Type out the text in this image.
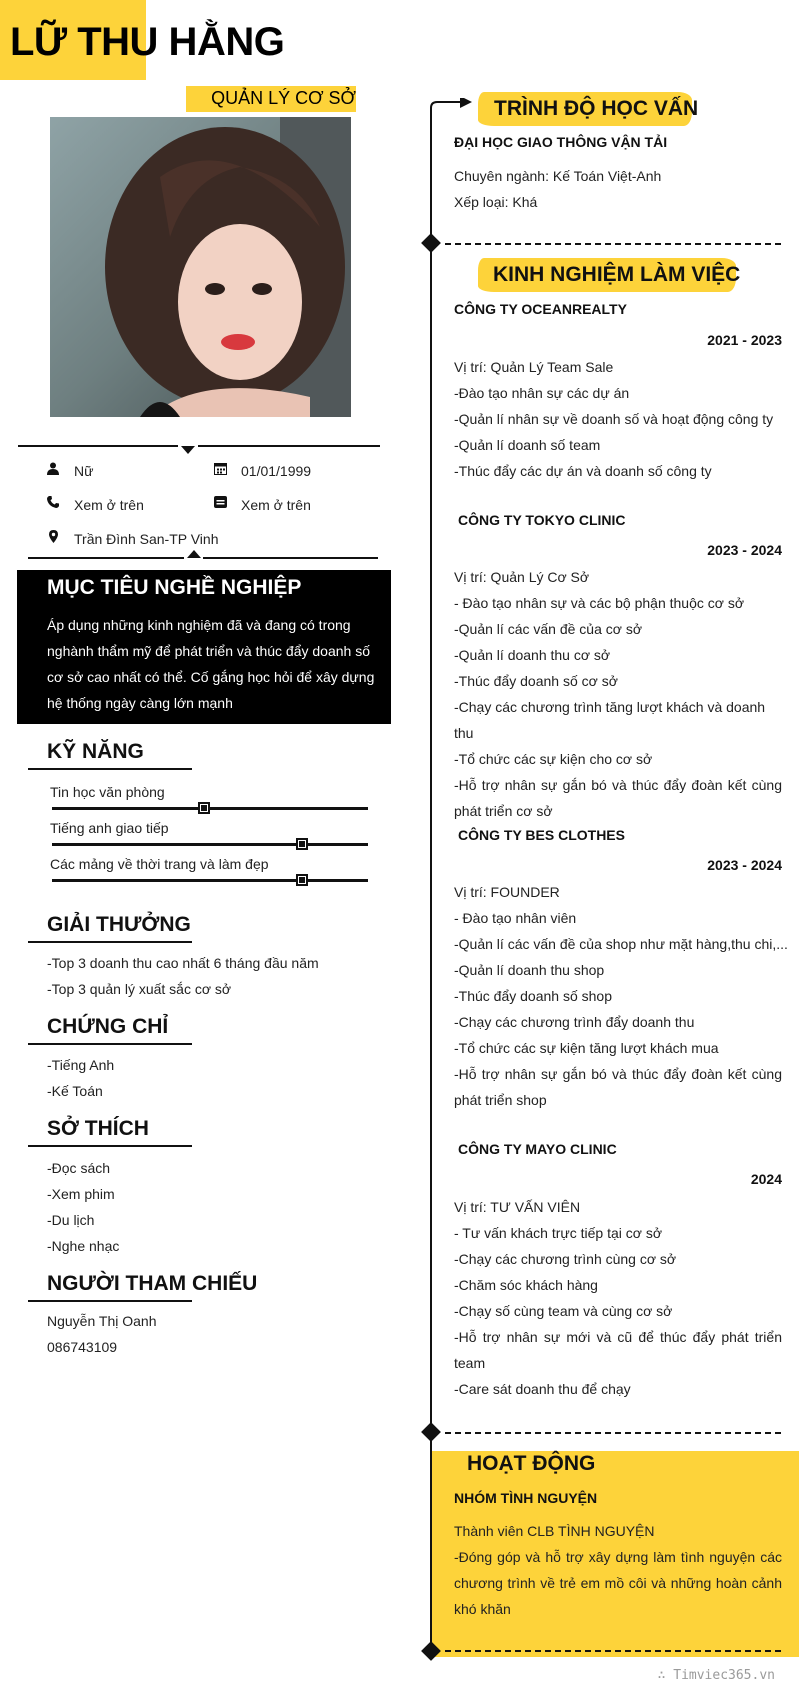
LỮ THU HẰNG
QUẢN LÝ CƠ SỞ
Nữ	01/01/1999
Xem ở trên	Xem ở trên
Trần Đình San-TP Vinh
MỤC TIÊU NGHỀ NGHIỆP
Áp dụng những kinh nghiệm đã và đang có trong nghành thẩm mỹ để phát triển và thúc đẩy doanh số cơ sở cao nhất có thể. Cố gắng học hỏi để xây dựng hệ thống ngày càng lớn mạnh
KỸ NĂNG
Tin học văn phòng
Tiếng anh giao tiếp
Các mảng về thời trang và làm đẹp
GIẢI THƯỞNG
-Top 3 doanh thu cao nhất 6 tháng đầu năm
-Top 3 quản lý xuất sắc cơ sở
CHỨNG CHỈ
-Tiếng Anh
-Kế Toán
SỞ THÍCH
-Đọc sách
-Xem phim
-Du lịch
-Nghe nhạc
NGƯỜI THAM CHIẾU
Nguyễn Thị Oanh
086743109
TRÌNH ĐỘ HỌC VẤN
ĐẠI HỌC GIAO THÔNG VẬN TẢI
Chuyên ngành: Kế Toán Việt-Anh
Xếp loại: Khá
KINH NGHIỆM LÀM VIỆC
CÔNG TY OCEANREALTY
2021 - 2023
Vị trí: Quản Lý Team Sale
-Đào tạo nhân sự các dự án
-Quản lí nhân sự về doanh số và hoạt động công ty
-Quản lí doanh số team
-Thúc đẩy các dự án và doanh số công ty
CÔNG TY TOKYO CLINIC
2023 - 2024
Vị trí: Quản Lý Cơ Sở
- Đào tạo nhân sự và các bộ phận thuộc cơ sở
-Quản lí các vấn đề của cơ sở
-Quản lí doanh thu cơ sở
-Thúc đẩy doanh số cơ sở
-Chạy các chương trình tăng lượt khách và doanh thu
-Tổ chức các sự kiện cho cơ sở
-Hỗ trợ nhân sự gắn bó và thúc đẩy đoàn kết cùng phát triển cơ sở
CÔNG TY BES CLOTHES
2023 - 2024
Vị trí: FOUNDER
- Đào tạo nhân viên
-Quản lí các vấn đề của shop như mặt hàng,thu chi,...
-Quản lí doanh thu shop
-Thúc đẩy doanh số shop
-Chạy các chương trình đẩy doanh thu
-Tổ chức các sự kiện tăng lượt khách mua
-Hỗ trợ nhân sự gắn bó và thúc đẩy đoàn kết cùng phát triển shop
CÔNG TY MAYO CLINIC
2024
Vị trí: TƯ VẤN VIÊN
- Tư vấn khách trực tiếp tại cơ sở
-Chạy các chương trình cùng cơ sở
-Chăm sóc khách hàng
-Chạy số cùng team và cùng cơ sở
-Hỗ trợ nhân sự mới và cũ để thúc đẩy phát triển team
-Care sát doanh thu để chạy
HOẠT ĐỘNG
NHÓM TÌNH NGUYỆN
Thành viên CLB TÌNH NGUYỆN
-Đóng góp và hỗ trợ xây dựng làm tình nguyện các chương trình về trẻ em mồ côi và những hoàn cảnh khó khăn
∴ Timviec365.vn
